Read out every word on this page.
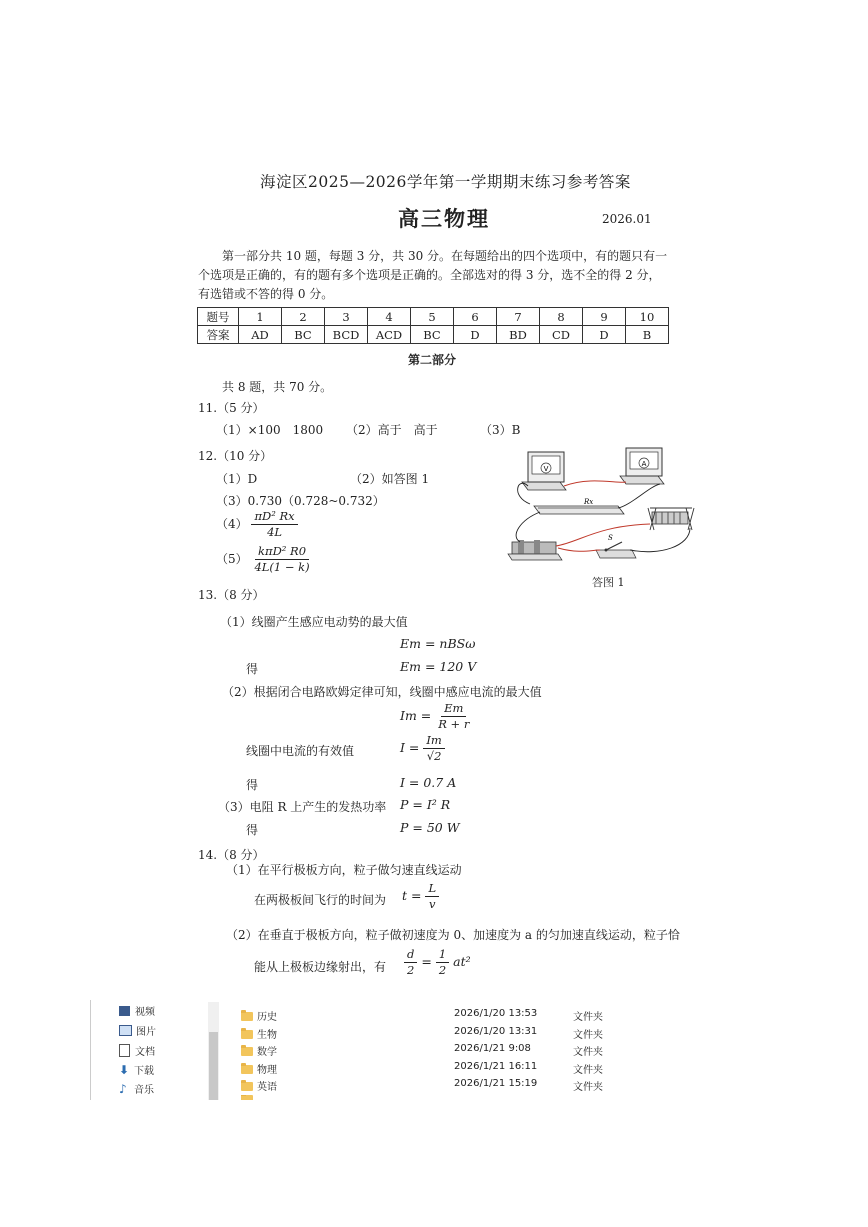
海淀区2025—2026学年第一学期期末练习参考答案
高三物理	2026.01
第一部分共 10 题，每题 3 分，共 30 分。在每题给出的四个选项中，有的题只有一个选项是正确的，有的题有多个选项是正确的。全部选对的得 3 分，选不全的得 2 分，有选错或不答的得 0 分。
题号	1	2	3	4	5	6	7	8	9	10
答案	AD	BC	BCD	ACD	BC	D	BD	CD	D	B
第二部分
共 8 题，共 70 分。
11.（5 分）
（1）×100　1800 （2）高于　高于	（3）B
12.（10 分）
（1）D	（2）如答图 1
（3）0.730（0.728~0.732）
$(4) \frac{\text{πD² Rx}}{4L}$
$(5) \frac{\text{kπD² R0}}{4L(1 - k)}$
V
A
Rx
S
答图 1
13.（8 分）
（1）线圈产生感应电动势的最大值
Em = nBSω
得	Em = 120 V
（2）根据闭合电路欧姆定律可知，线圈中感应电流的最大值
$Im = \frac{Em}{R + r}$
线圈中电流的有效值	$I = \frac{Im}{√2}$
得	I = 0.7 A
（3）电阻 R 上产生的发热功率 P = I² R
得	P = 50 W
14.（8 分）
（1）在平行极板方向，粒子做匀速直线运动
在两极板间飞行的时间为 $t = \frac{L}{v}$
（2）在垂直于极板方向，粒子做初速度为 0、加速度为 a 的匀加速直线运动，粒子恰
能从上极板边缘射出，有 $\frac{d}{2} = \frac{1}{2} at^2$
视频
图片
文档
⬇ 下载
♪ 音乐
历史	2026/1/20 13:53	文件夹
生物	2026/1/20 13:31	文件夹
数学	2026/1/21 9:08	文件夹
物理	2026/1/21 16:11	文件夹
英语	2026/1/21 15:19	文件夹
